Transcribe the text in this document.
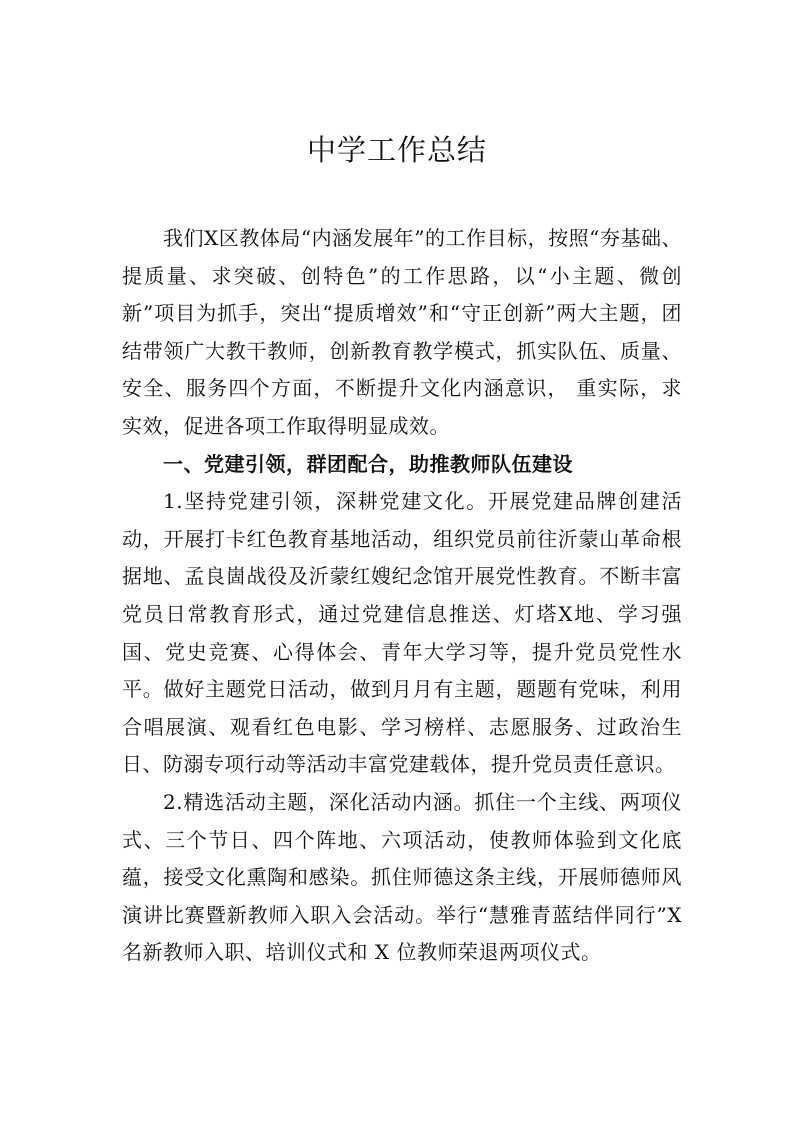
中学工作总结

我们X区教体局“内涵发展年”的工作目标，按照“夯基础、提质量、求突破、创特色”的工作思路，以“小主题、微创新”项目为抓手，突出“提质增效”和“守正创新”两大主题，团结带领广大教干教师，创新教育教学模式，抓实队伍、质量、安全、服务四个方面，不断提升文化内涵意识， 重实际，求实效，促进各项工作取得明显成效。

一、党建引领，群团配合，助推教师队伍建设

1.坚持党建引领，深耕党建文化。开展党建品牌创建活动，开展打卡红色教育基地活动，组织党员前往沂蒙山革命根据地、孟良崮战役及沂蒙红嫂纪念馆开展党性教育。不断丰富党员日常教育形式，通过党建信息推送、灯塔X地、学习强国、党史竞赛、心得体会、青年大学习等，提升党员党性水平。做好主题党日活动，做到月月有主题，题题有党味，利用合唱展演、观看红色电影、学习榜样、志愿服务、过政治生日、防溺专项行动等活动丰富党建载体，提升党员责任意识。

2.精选活动主题，深化活动内涵。抓住一个主线、两项仪式、三个节日、四个阵地、六项活动，使教师体验到文化底蕴，接受文化熏陶和感染。抓住师德这条主线，开展师德师风演讲比赛暨新教师入职入会活动。举行“慧雅青蓝结伴同行”X 名新教师入职、培训仪式和 X 位教师荣退两项仪式。
